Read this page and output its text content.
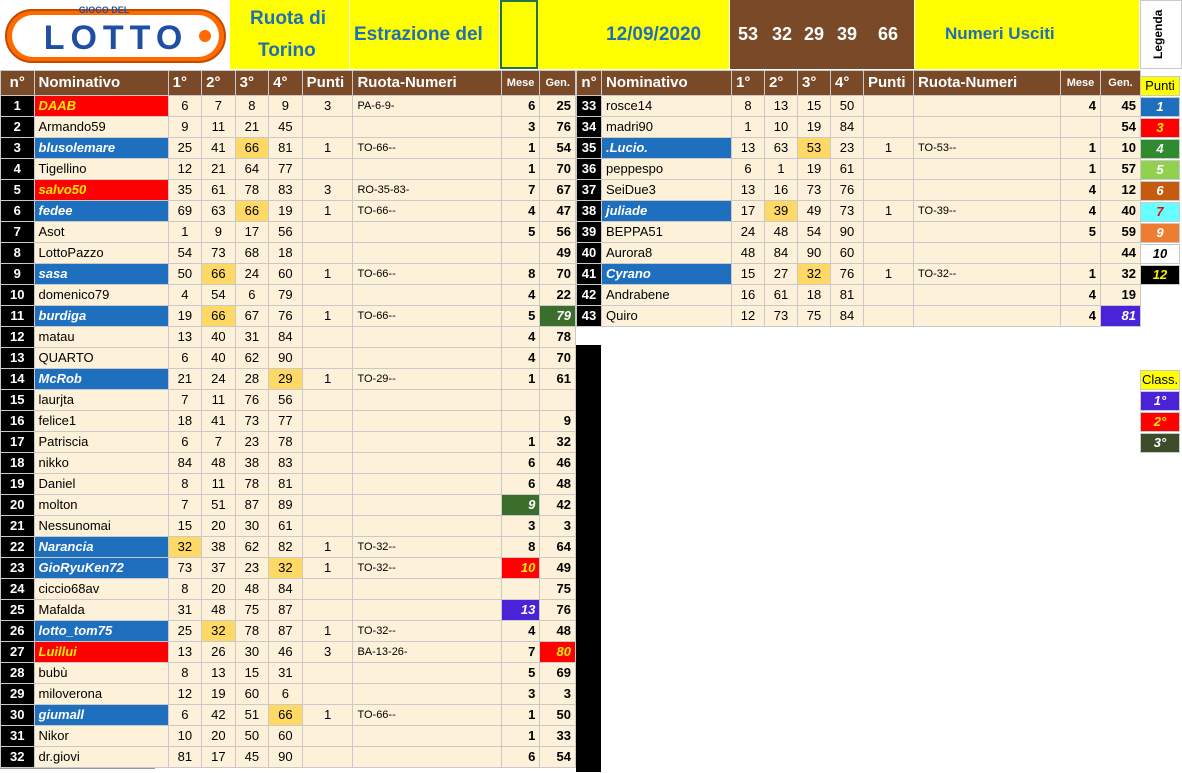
GIOCO DEL
LOTTO
Ruota di
Torino
Estrazione del	12/09/2020 53 32 29 39 66	Numeri Usciti	Legenda
n°	Nominativo	1°	2°	3°	4°	Punti	Ruota-Numeri	Mese	Gen.
1	DAAB	6	7	8	9	3	PA-6-9-	6	25
2	Armando59	9	11	21	45			3	76
3	blusolemare	25	41	66	81	1	TO-66--	1	54
4	Tigellino	12	21	64	77			1	70
5	salvo50	35	61	78	83	3	RO-35-83-	7	67
6	fedee	69	63	66	19	1	TO-66--	4	47
7	Asot	1	9	17	56			5	56
8	LottoPazzo	54	73	68	18				49
9	sasa	50	66	24	60	1	TO-66--	8	70
10	domenico79	4	54	6	79			4	22
11	burdiga	19	66	67	76	1	TO-66--	5	79
12	matau	13	40	31	84			4	78
13	QUARTO	6	40	62	90			4	70
14	McRob	21	24	28	29	1	TO-29--	1	61
15	laurjta	7	11	76	56				
16	felice1	18	41	73	77				9
17	Patriscia	6	7	23	78			1	32
18	nikko	84	48	38	83			6	46
19	Daniel	8	11	78	81			6	48
20	molton	7	51	87	89			9	42
21	Nessunomai	15	20	30	61			3	3
22	Narancia	32	38	62	82	1	TO-32--	8	64
23	GioRyuKen72	73	37	23	32	1	TO-32--	10	49
24	ciccio68av	8	20	48	84				75
25	Mafalda	31	48	75	87			13	76
26	lotto_tom75	25	32	78	87	1	TO-32--	4	48
27	Luillui	13	26	30	46	3	BA-13-26-	7	80
28	bubù	8	13	15	31			5	69
29	miloverona	12	19	60	6			3	3
30	giumall	6	42	51	66	1	TO-66--	1	50
31	Nikor	10	20	50	60			1	33
32	dr.giovi	81	17	45	90			6	54
n°	Nominativo	1°	2°	3°	4°	Punti	Ruota-Numeri	Mese	Gen.
33	rosce14	8	13	15	50			4	45
34	madri90	1	10	19	84				54
35	.Lucio.	13	63	53	23	1	TO-53--	1	10
36	peppespo	6	1	19	61			1	57
37	SeiDue3	13	16	73	76			4	12
38	juliade	17	39	49	73	1	TO-39--	4	40
39	BEPPA51	24	48	54	90			5	59
40	Aurora8	48	84	90	60				44
41	Cyrano	15	27	32	76	1	TO-32--	1	32
42	Andrabene	16	61	18	81			4	19
43	Quiro	12	73	75	84			4	81
Punti
1
3
4
5
6
7
9
10
12
Class.
1°
2°
3°
